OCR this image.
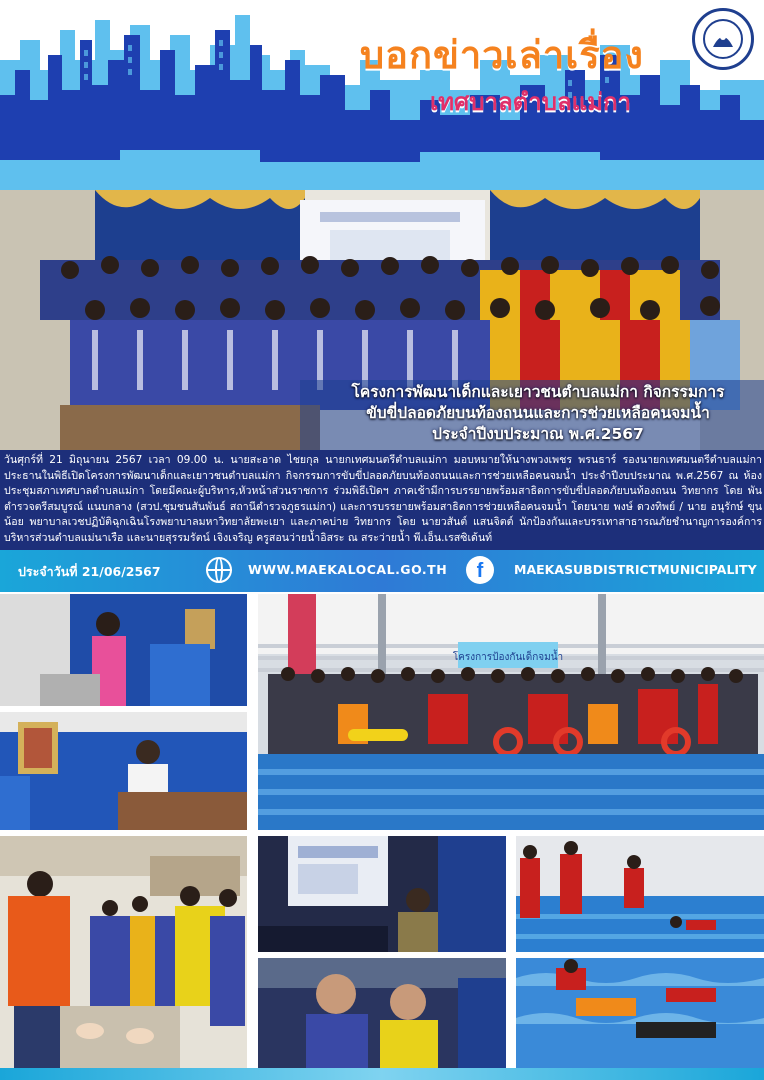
บอกข่าวเล่าเรื่อง
เทศบาลตำบลแม่กา
โครงการพัฒนาเด็กและเยาวชนตำบลแม่กา กิจกรรมการ
ขับขี่ปลอดภัยบนท้องถนนและการช่วยเหลือคนจมน้ำ
ประจำปีงบประมาณ พ.ศ.2567
วันศุกร์ที่ 21 มิถุนายน 2567 เวลา 09.00 น. นายสะอาด ไชยกุล นายกเทศมนตรีตำบลแม่กา มอบหมายให้นางพวงเพชร พรนธาร์ รองนายกเทศมนตรีตำบลแม่กา ประธานในพิธีเปิดโครงการพัฒนาเด็กและเยาวชนตำบลแม่กา กิจกรรมการขับขี่ปลอดภัยบนท้องถนนและการช่วยเหลือคนจมน้ำ ประจำปีงบประมาณ พ.ศ.2567 ณ ห้องประชุมสภาเทศบาลตำบลแม่กา โดยมีคณะผู้บริหาร,หัวหน้าส่วนราชการ ร่วมพิธีเปิดฯ ภาคเช้ามีการบรรยายพร้อมสาธิตการขับขี่ปลอดภัยบนท้องถนน วิทยากร โดย พันตำรวจตรีสมบูรณ์ แนบกลาง (สวป.ชุมชนสันพันธ์ สถานีตำรวจภูธรแม่กา) และการบรรยายพร้อมสาธิตการช่วยเหลือคนจมน้ำ โดยนาย พงษ์ ดวงทิพย์ / นาย อนุรักษ์ ขุนน้อย พยาบาลเวชปฏิบัติฉุกเฉินโรงพยาบาลมหาวิทยาลัยพะเยา และภาคบ่าย วิทยากร โดย นายวสันต์ แสนจิตต์ นักป้องกันและบรรเทาสาธารณภัยชำนาญการองค์การบริหารส่วนตำบลแม่นาเรือ และนายสุรรมรัตน์ เจิงเจริญ ครูสอนว่ายน้ำอิสระ ณ สระว่ายน้ำ พี.เอ็น.เรสซิเด้นท์
ประจำวันที่ 21/06/2567	WWW.MAEKALOCAL.GO.TH	f	MAEKASUBDISTRICTMUNICIPALITY
โครงการป้องกันเด็กจมน้ำ
